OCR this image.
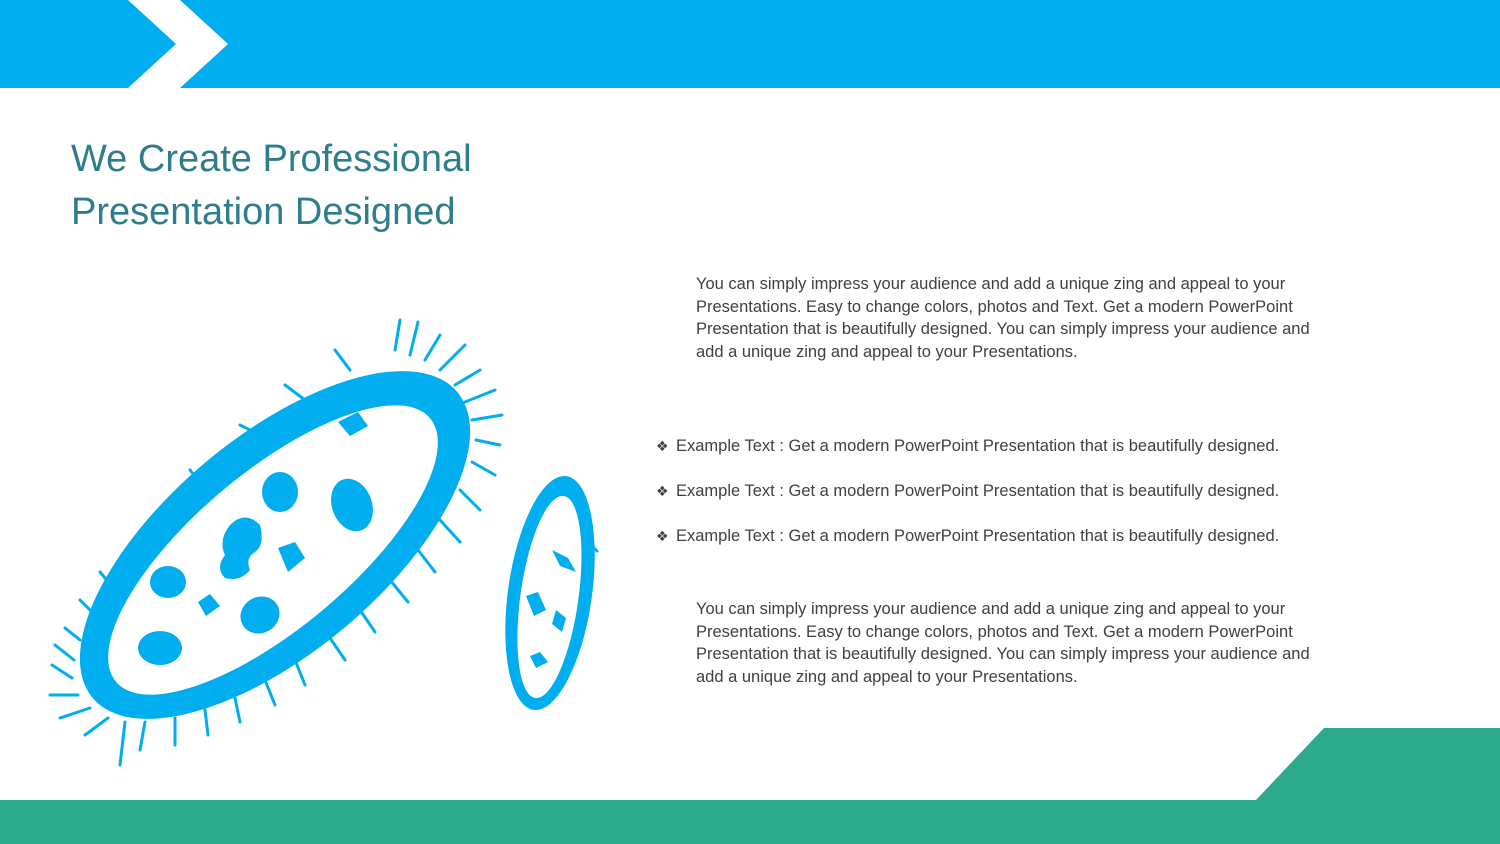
We Create Professional
Presentation Designed

You can simply impress your audience and add a unique zing and appeal to your Presentations. Easy to change colors, photos and Text. Get a modern PowerPoint Presentation that is beautifully designed. You can simply impress your audience and add a unique zing and appeal to your Presentations.

❖ Example Text : Get a modern PowerPoint Presentation that is beautifully designed.
❖ Example Text : Get a modern PowerPoint Presentation that is beautifully designed.
❖ Example Text : Get a modern PowerPoint Presentation that is beautifully designed.

You can simply impress your audience and add a unique zing and appeal to your Presentations. Easy to change colors, photos and Text. Get a modern PowerPoint Presentation that is beautifully designed. You can simply impress your audience and add a unique zing and appeal to your Presentations.
